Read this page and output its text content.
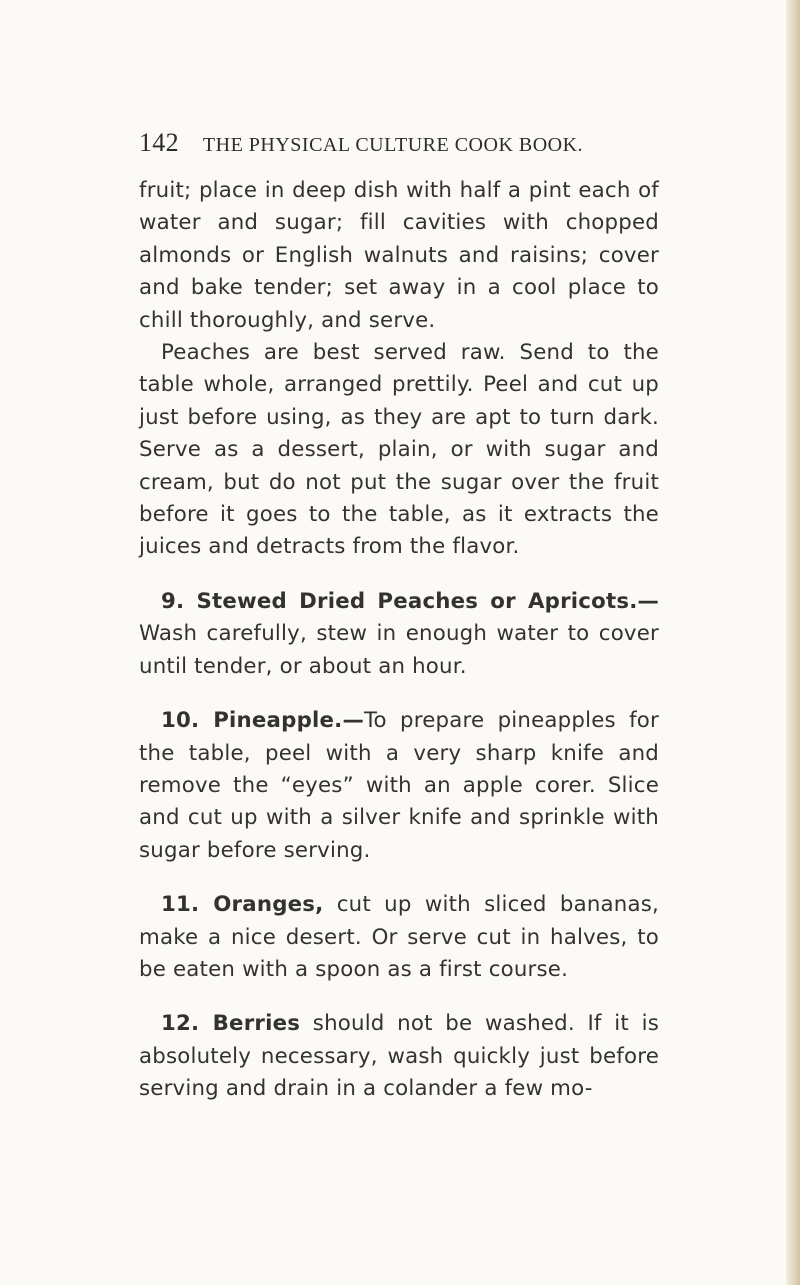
142 THE PHYSICAL CULTURE COOK BOOK.

fruit; place in deep dish with half a pint each of water and sugar; fill cavities with chopped almonds or English walnuts and raisins; cover and bake tender; set away in a cool place to chill thoroughly, and serve.

Peaches are best served raw. Send to the table whole, arranged prettily. Peel and cut up just before using, as they are apt to turn dark. Serve as a dessert, plain, or with sugar and cream, but do not put the sugar over the fruit before it goes to the table, as it extracts the juices and detracts from the flavor.

9. Stewed Dried Peaches or Apricots.— Wash carefully, stew in enough water to cover until tender, or about an hour.

10. Pineapple.—To prepare pineapples for the table, peel with a very sharp knife and remove the “eyes” with an apple corer. Slice and cut up with a silver knife and sprinkle with sugar before serving.

11. Oranges, cut up with sliced bananas, make a nice desert. Or serve cut in halves, to be eaten with a spoon as a first course.

12. Berries should not be washed. If it is absolutely necessary, wash quickly just before serving and drain in a colander a few mo-
